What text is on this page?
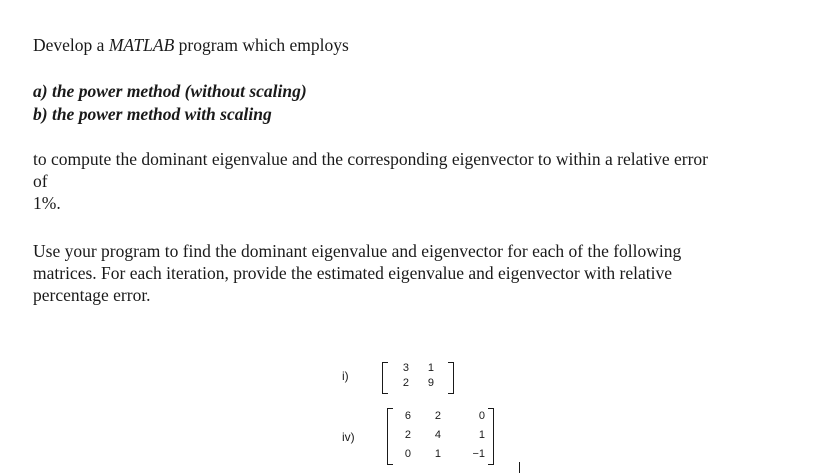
Develop a MATLAB program which employs

a) the power method (without scaling)

b) the power method with scaling

to compute the dominant eigenvalue and the corresponding eigenvector to within a relative error
of
1%.

Use your program to find the dominant eigenvalue and eigenvector for each of the following
matrices. For each iteration, provide the estimated eigenvalue and eigenvector with relative
percentage error.

i)
3	1
2	9
iv)
6	2	0
2	4	1
0	1	−1
